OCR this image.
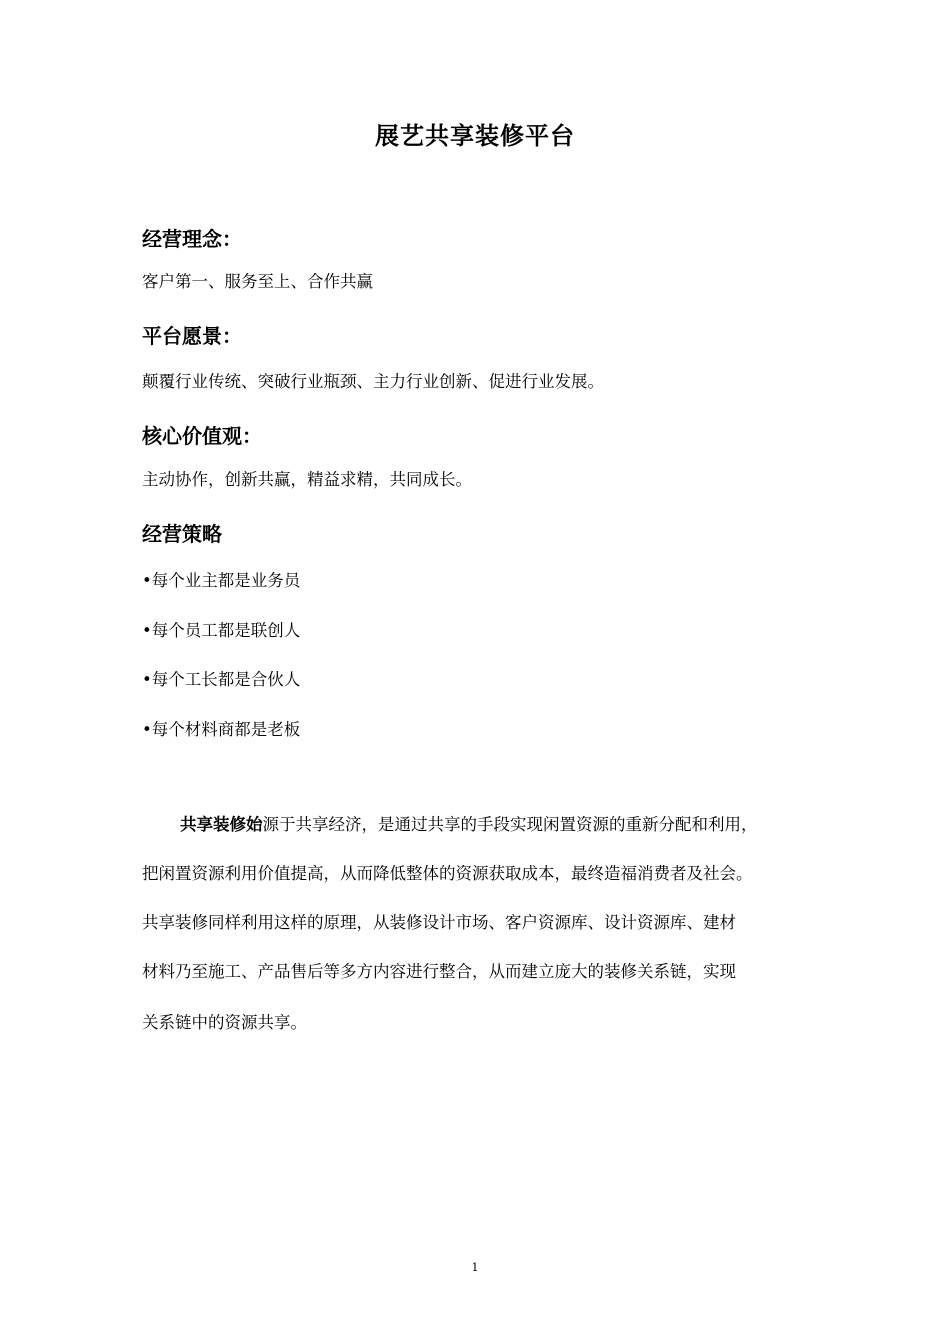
展艺共享装修平台
经营理念：
客户第一、服务至上、合作共赢
平台愿景：
颠覆行业传统、突破行业瓶颈、主力行业创新、促进行业发展。
核心价值观：
主动协作，创新共赢，精益求精，共同成长。
经营策略
•每个业主都是业务员
•每个员工都是联创人
•每个工长都是合伙人
•每个材料商都是老板
共享装修始源于共享经济，是通过共享的手段实现闲置资源的重新分配和利用，
把闲置资源利用价值提高，从而降低整体的资源获取成本，最终造福消费者及社会。
共享装修同样利用这样的原理，从装修设计市场、客户资源库、设计资源库、建材
材料乃至施工、产品售后等多方内容进行整合，从而建立庞大的装修关系链，实现
关系链中的资源共享。
1
